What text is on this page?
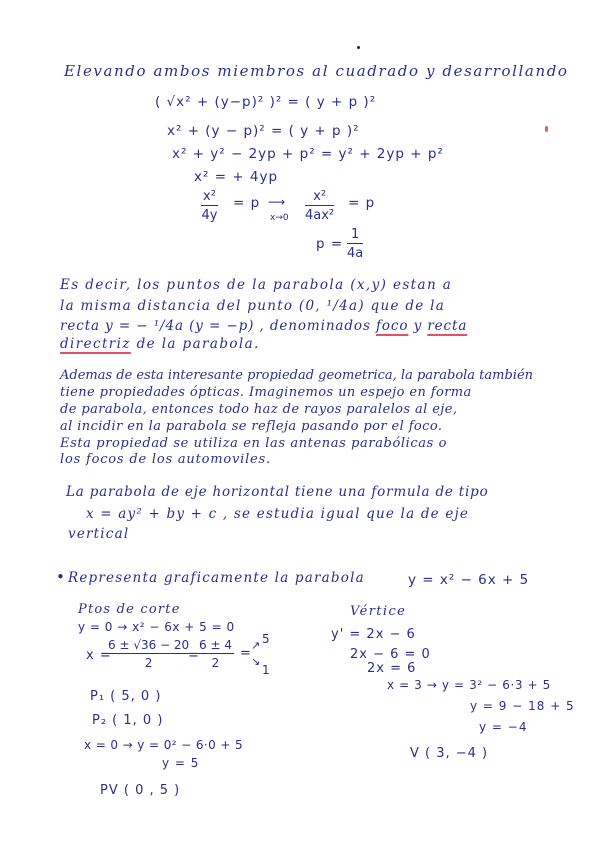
Elevando ambos miembros al cuadrado y desarrollando
( √x² + (y−p)² )² = ( y + p )²
x² + (y − p)² = ( y + p )²
x² + y² − 2yp + p² = y² + 2yp + p²
x² = + 4yp
$\frac{\text{x²}}{4y} = p$ ⟶
$x\to 0 \frac{\text{x²}}{\text{4ax²}} = p$
$p = \frac{1}{4a}$
Es decir, los puntos de la parabola (x,y) estan a
la misma distancia del punto (0, ¹/4a) que de la
recta y = − ¹/4a (y = −p) , denominados foco y recta
directriz de la parabola.
Ademas de esta interesante propiedad geometrica, la parabola también
tiene propiedades ópticas. Imaginemos un espejo en forma
de parabola, entonces todo haz de rayos paralelos al eje,
al incidir en la parabola se refleja pasando por el foco.
Esta propiedad se utiliza en las antenas parabólicas o
los focos de los automoviles.
La parabola de eje horizontal tiene una formula de tipo
x = ay² + by + c , se estudia igual que la de eje
vertical
• Representa graficamente la parabola	y = x² − 6x + 5
Ptos de corte
y = 0 → x² − 6x + 5 = 0
x =
$\frac{6 \pm √36 - 20}{2}$
=
$\frac{6 \pm 4}{2}$ =
↗ 5
↘
1
P₁ ( 5, 0 )
P₂ ( 1, 0 )
x = 0 → y = 0² − 6·0 + 5
y = 5
PV ( 0 , 5 )
Vértice
y' = 2x − 6
2x − 6 = 0
2x = 6
x = 3 → y = 3² − 6·3 + 5
y = 9 − 18 + 5
y = −4
V ( 3, −4 )
